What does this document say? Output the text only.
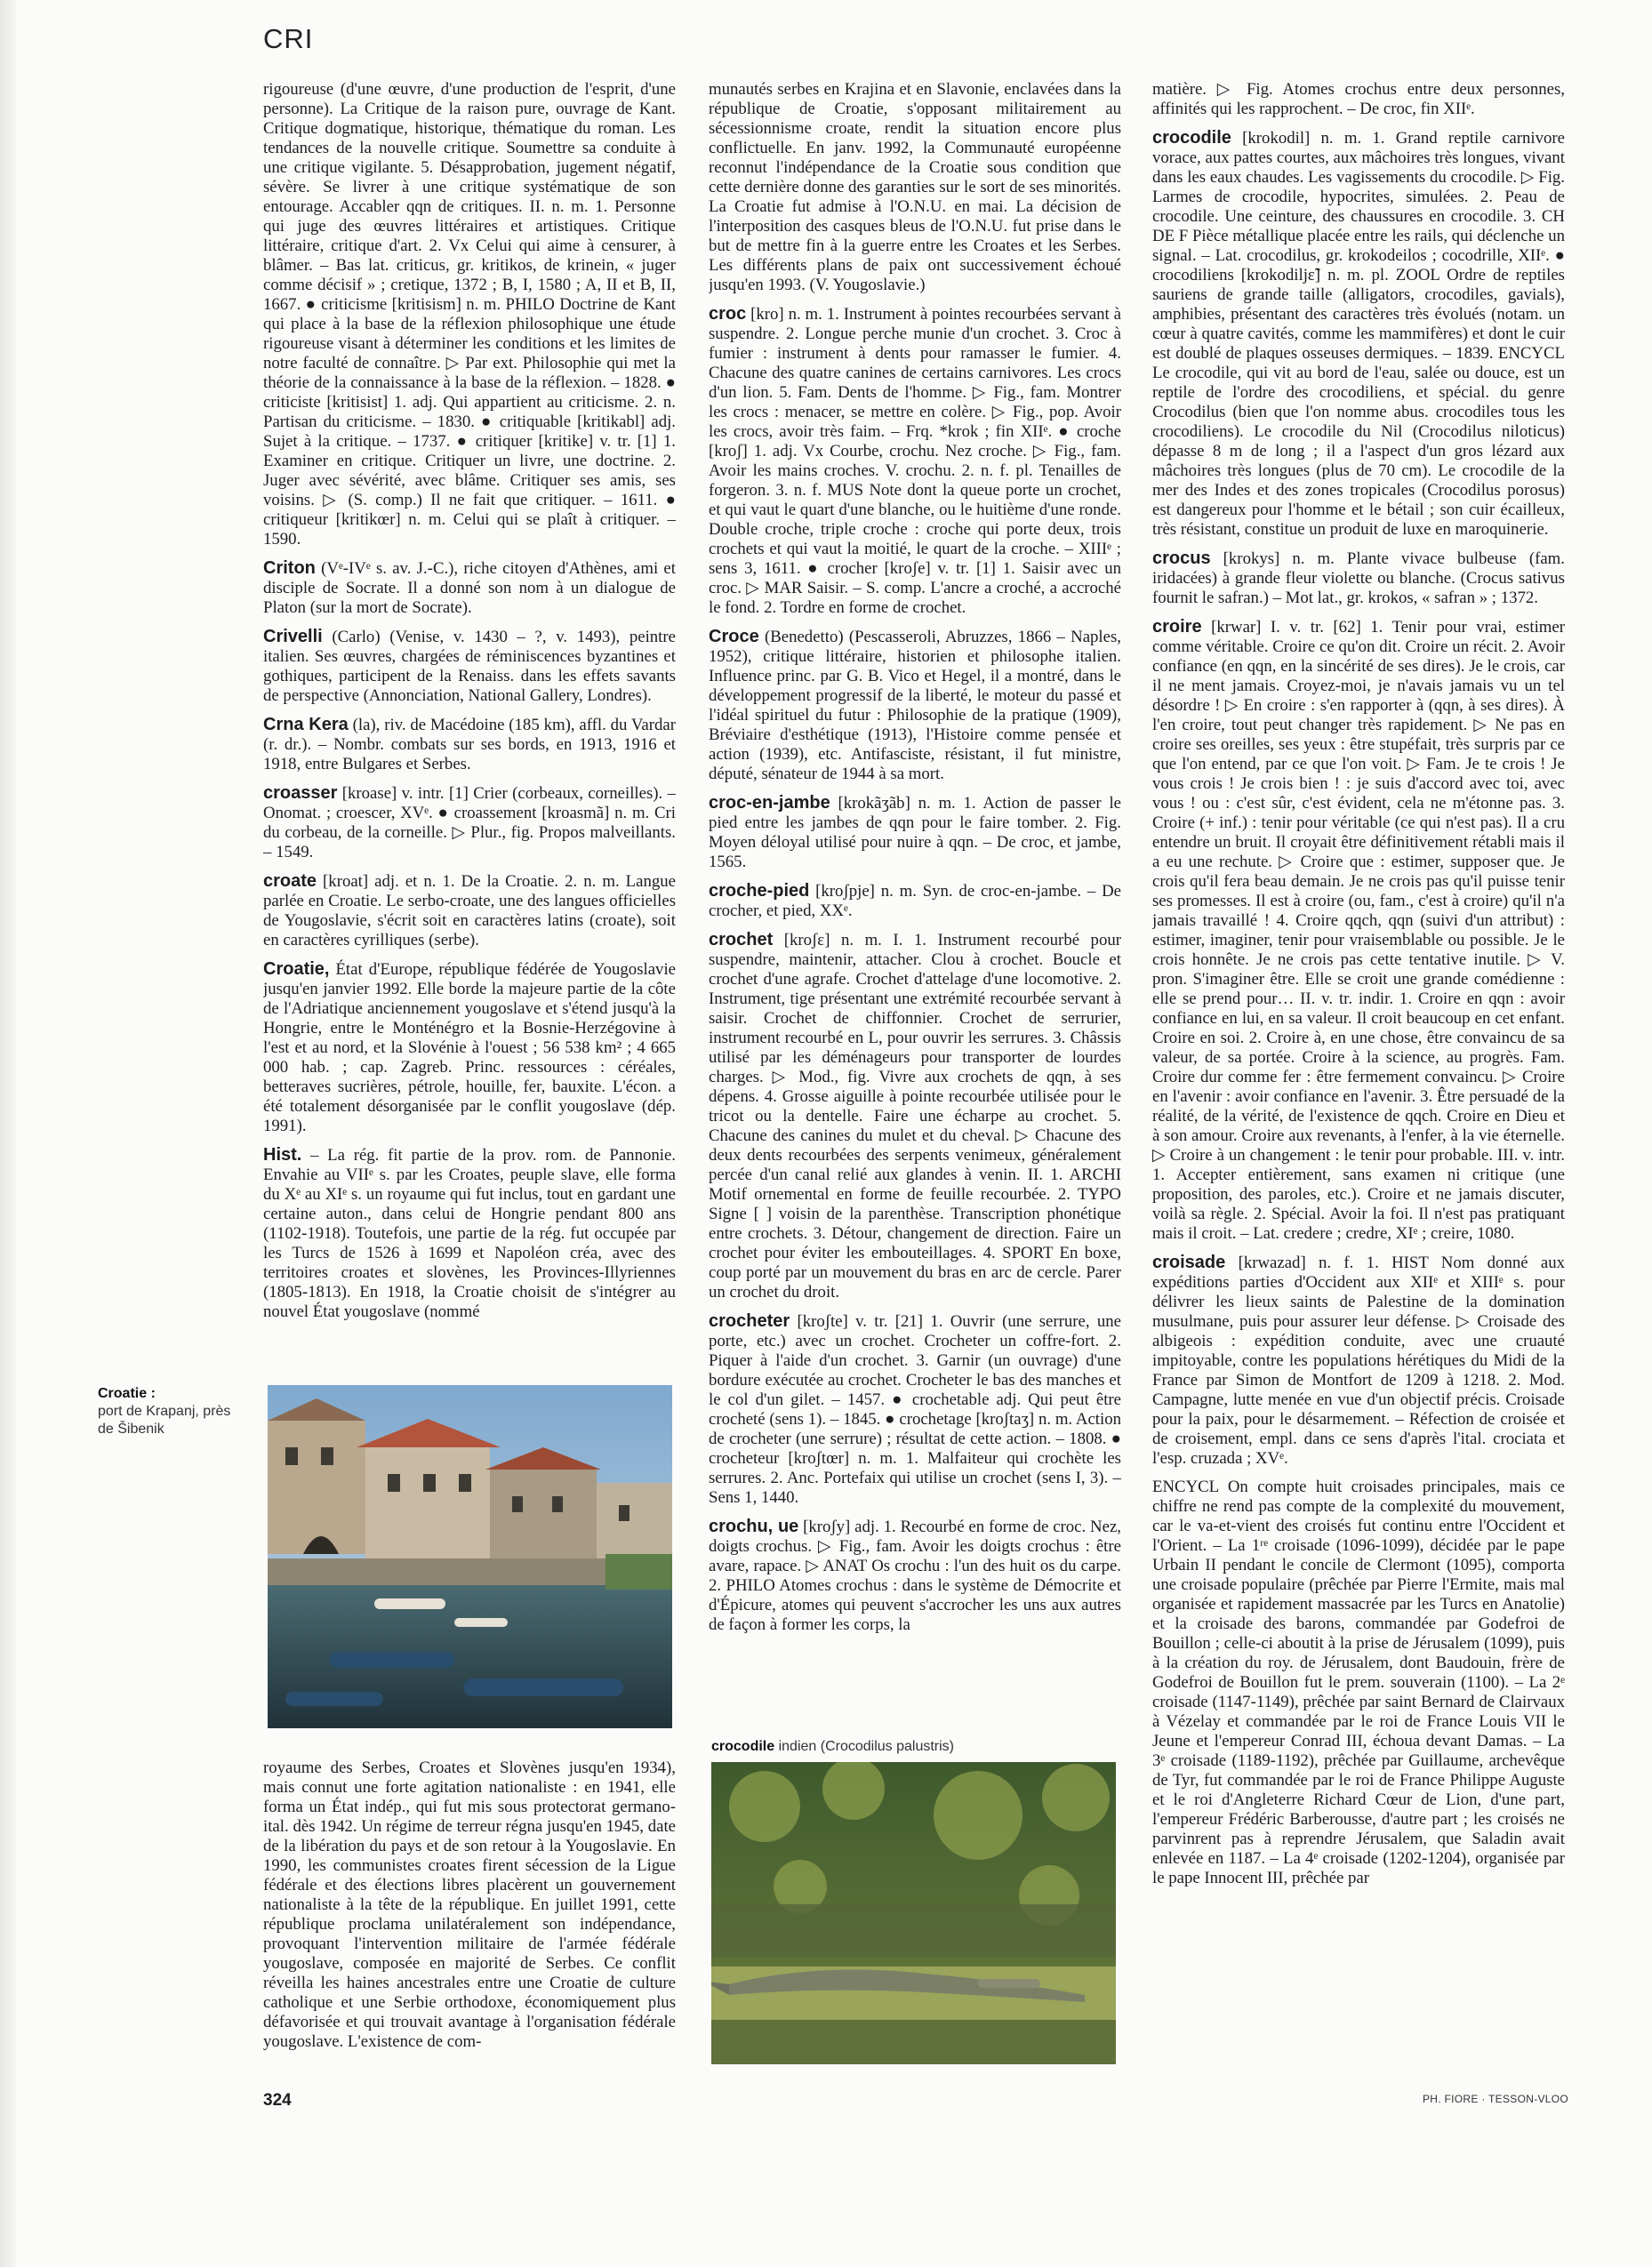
CRI
rigoureuse (d'une œuvre, d'une production de l'esprit, d'une personne). La Critique de la raison pure, ouvrage de Kant. Critique dogmatique, historique, thématique du roman. Les tendances de la nouvelle critique. Soumettre sa conduite à une critique vigilante. 5. Désapprobation, jugement négatif, sévère. Se livrer à une critique systématique de son entourage. Accabler qqn de critiques. II. n. m. 1. Personne qui juge des œuvres littéraires et artistiques. Critique littéraire, critique d'art. 2. Vx Celui qui aime à censurer, à blâmer. – Bas lat. criticus, gr. kritikos, de krinein, « juger comme décisif » ; cretique, 1372 ; B, I, 1580 ; A, II et B, II, 1667. ● criticisme [kritisism] n. m. PHILO Doctrine de Kant qui place à la base de la réflexion philosophique une étude rigoureuse visant à déterminer les conditions et les limites de notre faculté de connaître. ▷ Par ext. Philosophie qui met la théorie de la connaissance à la base de la réflexion. – 1828. ● criticiste [kritisist] 1. adj. Qui appartient au criticisme. 2. n. Partisan du criticisme. – 1830. ● critiquable [kritikabl] adj. Sujet à la critique. – 1737. ● critiquer [kritike] v. tr. [1] 1. Examiner en critique. Critiquer un livre, une doctrine. 2. Juger avec sévérité, avec blâme. Critiquer ses amis, ses voisins. ▷ (S. comp.) Il ne fait que critiquer. – 1611. ● critiqueur [kritikœr] n. m. Celui qui se plaît à critiquer. – 1590.
Criton (Vᵉ-IVᵉ s. av. J.-C.), riche citoyen d'Athènes, ami et disciple de Socrate. Il a donné son nom à un dialogue de Platon (sur la mort de Socrate).
Crivelli (Carlo) (Venise, v. 1430 – ?, v. 1493), peintre italien. Ses œuvres, chargées de réminiscences byzantines et gothiques, participent de la Renaiss. dans les effets savants de perspective (Annonciation, National Gallery, Londres).
Crna Kera (la), riv. de Macédoine (185 km), affl. du Vardar (r. dr.). – Nombr. combats sur ses bords, en 1913, 1916 et 1918, entre Bulgares et Serbes.
croasser [kroase] v. intr. [1] Crier (corbeaux, corneilles). – Onomat. ; croescer, XVᵉ. ● croassement [kroasmã] n. m. Cri du corbeau, de la corneille. ▷ Plur., fig. Propos malveillants. – 1549.
croate [kroat] adj. et n. 1. De la Croatie. 2. n. m. Langue parlée en Croatie. Le serbo-croate, une des langues officielles de Yougoslavie, s'écrit soit en caractères latins (croate), soit en caractères cyrilliques (serbe).
Croatie, État d'Europe, république fédérée de Yougoslavie jusqu'en janvier 1992. Elle borde la majeure partie de la côte de l'Adriatique anciennement yougoslave et s'étend jusqu'à la Hongrie, entre le Monténégro et la Bosnie-Herzégovine à l'est et au nord, et la Slovénie à l'ouest ; 56 538 km² ; 4 665 000 hab. ; cap. Zagreb. Princ. ressources : céréales, betteraves sucrières, pétrole, houille, fer, bauxite. L'écon. a été totalement désorganisée par le conflit yougoslave (dép. 1991).
Hist. – La rég. fit partie de la prov. rom. de Pannonie. Envahie au VIIᵉ s. par les Croates, peuple slave, elle forma du Xᵉ au XIᵉ s. un royaume qui fut inclus, tout en gardant une certaine auton., dans celui de Hongrie pendant 800 ans (1102-1918). Toutefois, une partie de la rég. fut occupée par les Turcs de 1526 à 1699 et Napoléon créa, avec des territoires croates et slovènes, les Provinces-Illyriennes (1805-1813). En 1918, la Croatie choisit de s'intégrer au nouvel État yougoslave (nommé
Croatie :
port de Krapanj, près de Šibenik
royaume des Serbes, Croates et Slovènes jusqu'en 1934), mais connut une forte agitation nationaliste : en 1941, elle forma un État indép., qui fut mis sous protectorat germano-ital. dès 1942. Un régime de terreur régna jusqu'en 1945, date de la libération du pays et de son retour à la Yougoslavie. En 1990, les communistes croates firent sécession de la Ligue fédérale et des élections libres placèrent un gouvernement nationaliste à la tête de la république. En juillet 1991, cette république proclama unilatéralement son indépendance, provoquant l'intervention militaire de l'armée fédérale yougoslave, composée en majorité de Serbes. Ce conflit réveilla les haines ancestrales entre une Croatie de culture catholique et une Serbie orthodoxe, économiquement plus défavorisée et qui trouvait avantage à l'organisation fédérale yougoslave. L'existence de com-
munautés serbes en Krajina et en Slavonie, enclavées dans la république de Croatie, s'opposant militairement au sécessionnisme croate, rendit la situation encore plus conflictuelle. En janv. 1992, la Communauté européenne reconnut l'indépendance de la Croatie sous condition que cette dernière donne des garanties sur le sort de ses minorités. La Croatie fut admise à l'O.N.U. en mai. La décision de l'interposition des casques bleus de l'O.N.U. fut prise dans le but de mettre fin à la guerre entre les Croates et les Serbes. Les différents plans de paix ont successivement échoué jusqu'en 1993. (V. Yougoslavie.)
croc [kro] n. m. 1. Instrument à pointes recourbées servant à suspendre. 2. Longue perche munie d'un crochet. 3. Croc à fumier : instrument à dents pour ramasser le fumier. 4. Chacune des quatre canines de certains carnivores. Les crocs d'un lion. 5. Fam. Dents de l'homme. ▷ Fig., fam. Montrer les crocs : menacer, se mettre en colère. ▷ Fig., pop. Avoir les crocs, avoir très faim. – Frq. *krok ; fin XIIᵉ. ● croche [kroʃ] 1. adj. Vx Courbe, crochu. Nez croche. ▷ Fig., fam. Avoir les mains croches. V. crochu. 2. n. f. pl. Tenailles de forgeron. 3. n. f. MUS Note dont la queue porte un crochet, et qui vaut le quart d'une blanche, ou le huitième d'une ronde. Double croche, triple croche : croche qui porte deux, trois crochets et qui vaut la moitié, le quart de la croche. – XIIIᵉ ; sens 3, 1611. ● crocher [kroʃe] v. tr. [1] 1. Saisir avec un croc. ▷ MAR Saisir. – S. comp. L'ancre a croché, a accroché le fond. 2. Tordre en forme de crochet.
Croce (Benedetto) (Pescasseroli, Abruzzes, 1866 – Naples, 1952), critique littéraire, historien et philosophe italien. Influence princ. par G. B. Vico et Hegel, il a montré, dans le développement progressif de la liberté, le moteur du passé et l'idéal spirituel du futur : Philosophie de la pratique (1909), Bréviaire d'esthétique (1913), l'Histoire comme pensée et action (1939), etc. Antifasciste, résistant, il fut ministre, député, sénateur de 1944 à sa mort.
croc-en-jambe [krokãʒãb] n. m. 1. Action de passer le pied entre les jambes de qqn pour le faire tomber. 2. Fig. Moyen déloyal utilisé pour nuire à qqn. – De croc, et jambe, 1565.
croche-pied [kroʃpje] n. m. Syn. de croc-en-jambe. – De crocher, et pied, XXᵉ.
crochet [kroʃɛ] n. m. I. 1. Instrument recourbé pour suspendre, maintenir, attacher. Clou à crochet. Boucle et crochet d'une agrafe. Crochet d'attelage d'une locomotive. 2. Instrument, tige présentant une extrémité recourbée servant à saisir. Crochet de chiffonnier. Crochet de serrurier, instrument recourbé en L, pour ouvrir les serrures. 3. Châssis utilisé par les déménageurs pour transporter de lourdes charges. ▷ Mod., fig. Vivre aux crochets de qqn, à ses dépens. 4. Grosse aiguille à pointe recourbée utilisée pour le tricot ou la dentelle. Faire une écharpe au crochet. 5. Chacune des canines du mulet et du cheval. ▷ Chacune des deux dents recourbées des serpents venimeux, généralement percée d'un canal relié aux glandes à venin. II. 1. ARCHI Motif ornemental en forme de feuille recourbée. 2. TYPO Signe [ ] voisin de la parenthèse. Transcription phonétique entre crochets. 3. Détour, changement de direction. Faire un crochet pour éviter les embouteillages. 4. SPORT En boxe, coup porté par un mouvement du bras en arc de cercle. Parer un crochet du droit.
crocheter [kroʃte] v. tr. [21] 1. Ouvrir (une serrure, une porte, etc.) avec un crochet. Crocheter un coffre-fort. 2. Piquer à l'aide d'un crochet. 3. Garnir (un ouvrage) d'une bordure exécutée au crochet. Crocheter le bas des manches et le col d'un gilet. – 1457. ● crochetable adj. Qui peut être crocheté (sens 1). – 1845. ● crochetage [kroʃtaʒ] n. m. Action de crocheter (une serrure) ; résultat de cette action. – 1808. ● crocheteur [kroʃtœr] n. m. 1. Malfaiteur qui crochète les serrures. 2. Anc. Portefaix qui utilise un crochet (sens I, 3). – Sens 1, 1440.
crochu, ue [kroʃy] adj. 1. Recourbé en forme de croc. Nez, doigts crochus. ▷ Fig., fam. Avoir les doigts crochus : être avare, rapace. ▷ ANAT Os crochu : l'un des huit os du carpe. 2. PHILO Atomes crochus : dans le système de Démocrite et d'Épicure, atomes qui peuvent s'accrocher les uns aux autres de façon à former les corps, la
crocodile indien (Crocodilus palustris)
matière. ▷ Fig. Atomes crochus entre deux personnes, affinités qui les rapprochent. – De croc, fin XIIᵉ.
crocodile [krokodil] n. m. 1. Grand reptile carnivore vorace, aux pattes courtes, aux mâchoires très longues, vivant dans les eaux chaudes. Les vagissements du crocodile. ▷ Fig. Larmes de crocodile, hypocrites, simulées. 2. Peau de crocodile. Une ceinture, des chaussures en crocodile. 3. CH DE F Pièce métallique placée entre les rails, qui déclenche un signal. – Lat. crocodilus, gr. krokodeilos ; cocodrille, XIIᵉ. ● crocodiliens [krokodiljɛ̃] n. m. pl. ZOOL Ordre de reptiles sauriens de grande taille (alligators, crocodiles, gavials), amphibies, présentant des caractères très évolués (notam. un cœur à quatre cavités, comme les mammifères) et dont le cuir est doublé de plaques osseuses dermiques. – 1839. ENCYCL Le crocodile, qui vit au bord de l'eau, salée ou douce, est un reptile de l'ordre des crocodiliens, et spécial. du genre Crocodilus (bien que l'on nomme abus. crocodiles tous les crocodiliens). Le crocodile du Nil (Crocodilus niloticus) dépasse 8 m de long ; il a l'aspect d'un gros lézard aux mâchoires très longues (plus de 70 cm). Le crocodile de la mer des Indes et des zones tropicales (Crocodilus porosus) est dangereux pour l'homme et le bétail ; son cuir écailleux, très résistant, constitue un produit de luxe en maroquinerie.
crocus [krokys] n. m. Plante vivace bulbeuse (fam. iridacées) à grande fleur violette ou blanche. (Crocus sativus fournit le safran.) – Mot lat., gr. krokos, « safran » ; 1372.
croire [krwar] I. v. tr. [62] 1. Tenir pour vrai, estimer comme véritable. Croire ce qu'on dit. Croire un récit. 2. Avoir confiance (en qqn, en la sincérité de ses dires). Je le crois, car il ne ment jamais. Croyez-moi, je n'avais jamais vu un tel désordre ! ▷ En croire : s'en rapporter à (qqn, à ses dires). À l'en croire, tout peut changer très rapidement. ▷ Ne pas en croire ses oreilles, ses yeux : être stupéfait, très surpris par ce que l'on entend, par ce que l'on voit. ▷ Fam. Je te crois ! Je vous crois ! Je crois bien ! : je suis d'accord avec toi, avec vous ! ou : c'est sûr, c'est évident, cela ne m'étonne pas. 3. Croire (+ inf.) : tenir pour véritable (ce qui n'est pas). Il a cru entendre un bruit. Il croyait être définitivement rétabli mais il a eu une rechute. ▷ Croire que : estimer, supposer que. Je crois qu'il fera beau demain. Je ne crois pas qu'il puisse tenir ses promesses. Il est à croire (ou, fam., c'est à croire) qu'il n'a jamais travaillé ! 4. Croire qqch, qqn (suivi d'un attribut) : estimer, imaginer, tenir pour vraisemblable ou possible. Je le crois honnête. Je ne crois pas cette tentative inutile. ▷ V. pron. S'imaginer être. Elle se croit une grande comédienne : elle se prend pour… II. v. tr. indir. 1. Croire en qqn : avoir confiance en lui, en sa valeur. Il croit beaucoup en cet enfant. Croire en soi. 2. Croire à, en une chose, être convaincu de sa valeur, de sa portée. Croire à la science, au progrès. Fam. Croire dur comme fer : être fermement convaincu. ▷ Croire en l'avenir : avoir confiance en l'avenir. 3. Être persuadé de la réalité, de la vérité, de l'existence de qqch. Croire en Dieu et à son amour. Croire aux revenants, à l'enfer, à la vie éternelle. ▷ Croire à un changement : le tenir pour probable. III. v. intr. 1. Accepter entièrement, sans examen ni critique (une proposition, des paroles, etc.). Croire et ne jamais discuter, voilà sa règle. 2. Spécial. Avoir la foi. Il n'est pas pratiquant mais il croit. – Lat. credere ; credre, XIᵉ ; creire, 1080.
croisade [krwazad] n. f. 1. HIST Nom donné aux expéditions parties d'Occident aux XIIᵉ et XIIIᵉ s. pour délivrer les lieux saints de Palestine de la domination musulmane, puis pour assurer leur défense. ▷ Croisade des albigeois : expédition conduite, avec une cruauté impitoyable, contre les populations hérétiques du Midi de la France par Simon de Montfort de 1209 à 1218. 2. Mod. Campagne, lutte menée en vue d'un objectif précis. Croisade pour la paix, pour le désarmement. – Réfection de croisée et de croisement, empl. dans ce sens d'après l'ital. crociata et l'esp. cruzada ; XVᵉ.
ENCYCL On compte huit croisades principales, mais ce chiffre ne rend pas compte de la complexité du mouvement, car le va-et-vient des croisés fut continu entre l'Occident et l'Orient. – La 1ʳᵉ croisade (1096-1099), décidée par le pape Urbain II pendant le concile de Clermont (1095), comporta une croisade populaire (prêchée par Pierre l'Ermite, mais mal organisée et rapidement massacrée par les Turcs en Anatolie) et la croisade des barons, commandée par Godefroi de Bouillon ; celle-ci aboutit à la prise de Jérusalem (1099), puis à la création du roy. de Jérusalem, dont Baudouin, frère de Godefroi de Bouillon fut le prem. souverain (1100). – La 2ᵉ croisade (1147-1149), prêchée par saint Bernard de Clairvaux à Vézelay et commandée par le roi de France Louis VII le Jeune et l'empereur Conrad III, échoua devant Damas. – La 3ᵉ croisade (1189-1192), prêchée par Guillaume, archevêque de Tyr, fut commandée par le roi de France Philippe Auguste et le roi d'Angleterre Richard Cœur de Lion, d'une part, l'empereur Frédéric Barberousse, d'autre part ; les croisés ne parvinrent pas à reprendre Jérusalem, que Saladin avait enlevée en 1187. – La 4ᵉ croisade (1202-1204), organisée par le pape Innocent III, prêchée par
324	PH. FIORE · TESSON-VLOO
